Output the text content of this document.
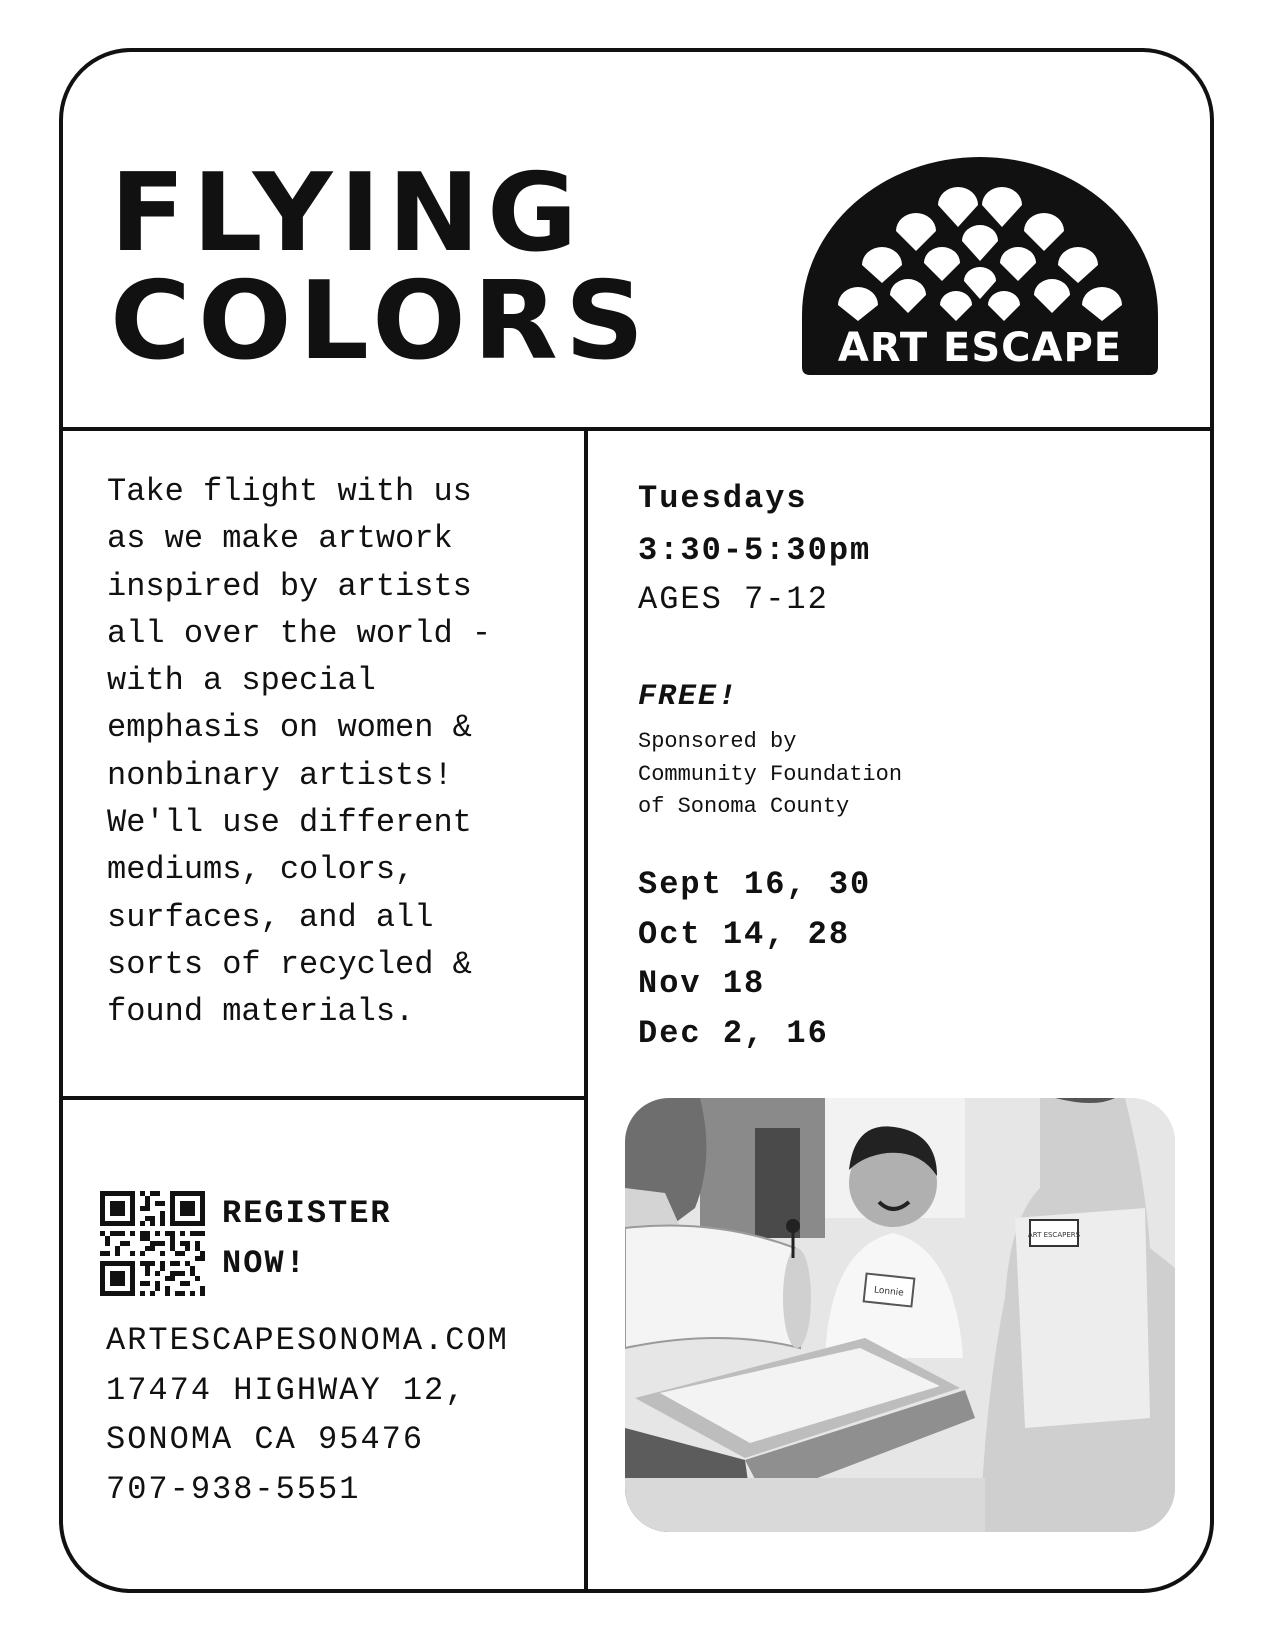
FLYING
COLORS	ART ESCAPE
Take flight with us
as we make artwork
inspired by artists
all over the world -
with a special
emphasis on women &
nonbinary artists!
We'll use different
mediums, colors,
surfaces, and all
sorts of recycled &
found materials.
Tuesdays
3:30-5:30pm
AGES 7-12
FREE!
Sponsored by
Community Foundation
of Sonoma County
Sept 16, 30
Oct 14, 28
Nov 18
Dec 2, 16
REGISTER
NOW!
ARTESCAPESONOMA.COM
17474 HIGHWAY 12,
SONOMA CA 95476
707-938-5551
Lonnie
ART ESCAPERS
